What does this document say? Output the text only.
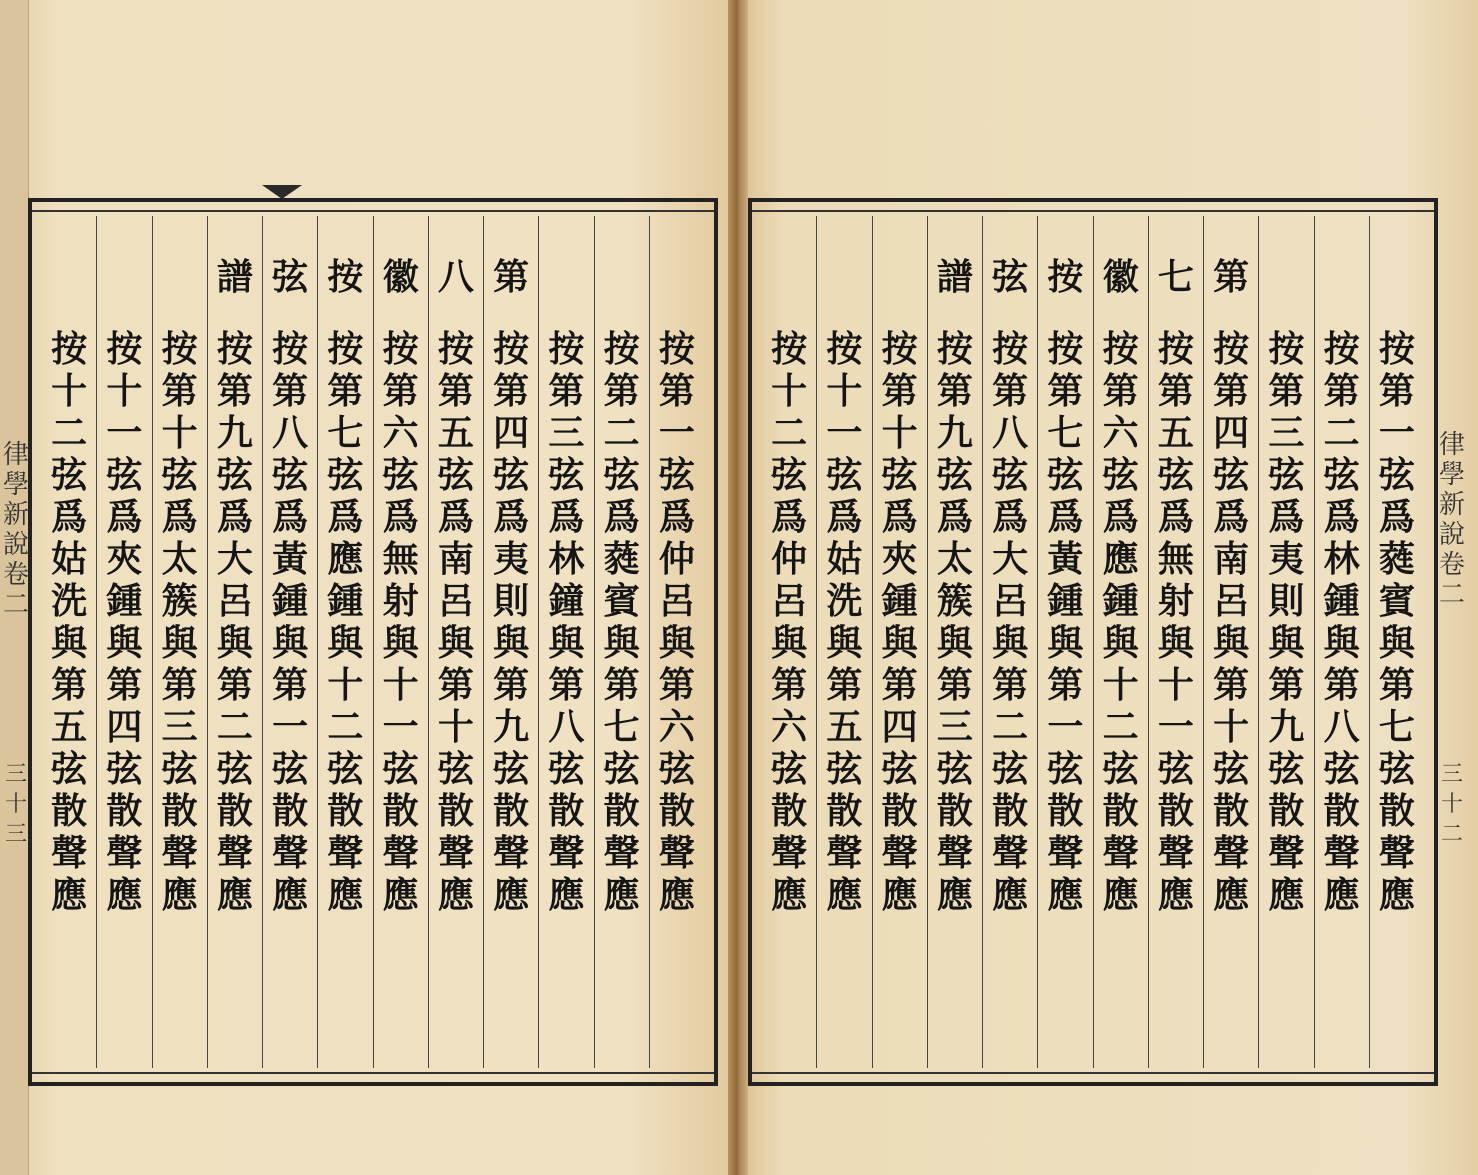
律學新說卷二
三十三
按第一弦爲仲呂與第六弦散聲應
按第二弦爲蕤賓與第七弦散聲應
按第三弦爲林鐘與第八弦散聲應
第
按第四弦爲夷則與第九弦散聲應
八
按第五弦爲南呂與第十弦散聲應
徽
按第六弦爲無射與十一弦散聲應
按
按第七弦爲應鍾與十二弦散聲應
弦
按第八弦爲黃鍾與第一弦散聲應
譜
按第九弦爲大呂與第二弦散聲應
按第十弦爲太簇與第三弦散聲應
按十一弦爲夾鍾與第四弦散聲應
按十二弦爲姑洗與第五弦散聲應
律學新說卷二
三十二
按第一弦爲蕤賓與第七弦散聲應
按第二弦爲林鍾與第八弦散聲應
按第三弦爲夷則與第九弦散聲應
第
按第四弦爲南呂與第十弦散聲應
七
按第五弦爲無射與十一弦散聲應
徽
按第六弦爲應鍾與十二弦散聲應
按
按第七弦爲黃鍾與第一弦散聲應
弦
按第八弦爲大呂與第二弦散聲應
譜
按第九弦爲太簇與第三弦散聲應
按第十弦爲夾鍾與第四弦散聲應
按十一弦爲姑洗與第五弦散聲應
按十二弦爲仲呂與第六弦散聲應
